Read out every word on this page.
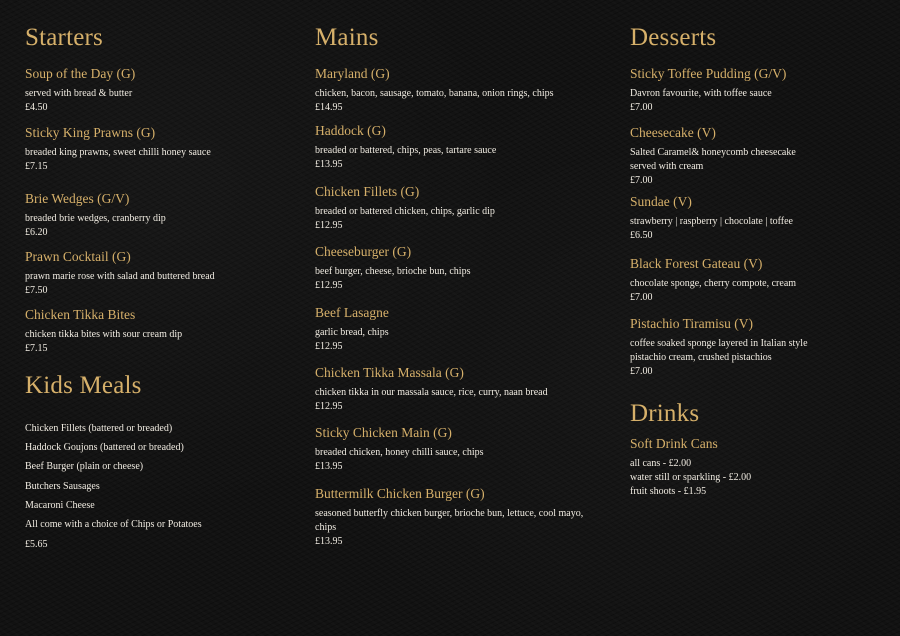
Starters
Soup of the Day (G)
served with bread & butter
£4.50
Sticky King Prawns (G)
breaded king prawns, sweet chilli honey sauce
£7.15
Brie Wedges (G/V)
breaded brie wedges, cranberry dip
£6.20
Prawn Cocktail (G)
prawn marie rose with salad and buttered bread
£7.50
Chicken Tikka Bites
chicken tikka bites with sour cream dip
£7.15
Kids Meals
Chicken Fillets (battered or breaded)
Haddock Goujons (battered or breaded)
Beef Burger (plain or cheese)
Butchers Sausages
Macaroni Cheese
All come with a choice of Chips or Potatoes
£5.65
Mains
Maryland (G)
chicken, bacon, sausage, tomato, banana, onion rings, chips
£14.95
Haddock (G)
breaded or battered, chips, peas, tartare sauce
£13.95
Chicken Fillets (G)
breaded or battered chicken, chips, garlic dip
£12.95
Cheeseburger (G)
beef burger, cheese, brioche bun, chips
£12.95
Beef Lasagne
garlic bread, chips
£12.95
Chicken Tikka Massala (G)
chicken tikka in our massala sauce, rice, curry, naan bread
£12.95
Sticky Chicken Main (G)
breaded chicken, honey chilli sauce, chips
£13.95
Buttermilk Chicken Burger (G)
seasoned butterfly chicken burger, brioche bun, lettuce, cool mayo, chips
£13.95
Desserts
Sticky Toffee Pudding (G/V)
Davron favourite, with toffee sauce
£7.00
Cheesecake (V)
Salted Caramel& honeycomb cheesecake served with cream
£7.00
Sundae (V)
strawberry | raspberry | chocolate | toffee
£6.50
Black Forest Gateau (V)
chocolate sponge, cherry compote, cream
£7.00
Pistachio Tiramisu (V)
coffee soaked sponge layered in Italian style pistachio cream, crushed pistachios
£7.00
Drinks
Soft Drink Cans
all cans - £2.00
water still or sparkling - £2.00
fruit shoots - £1.95
